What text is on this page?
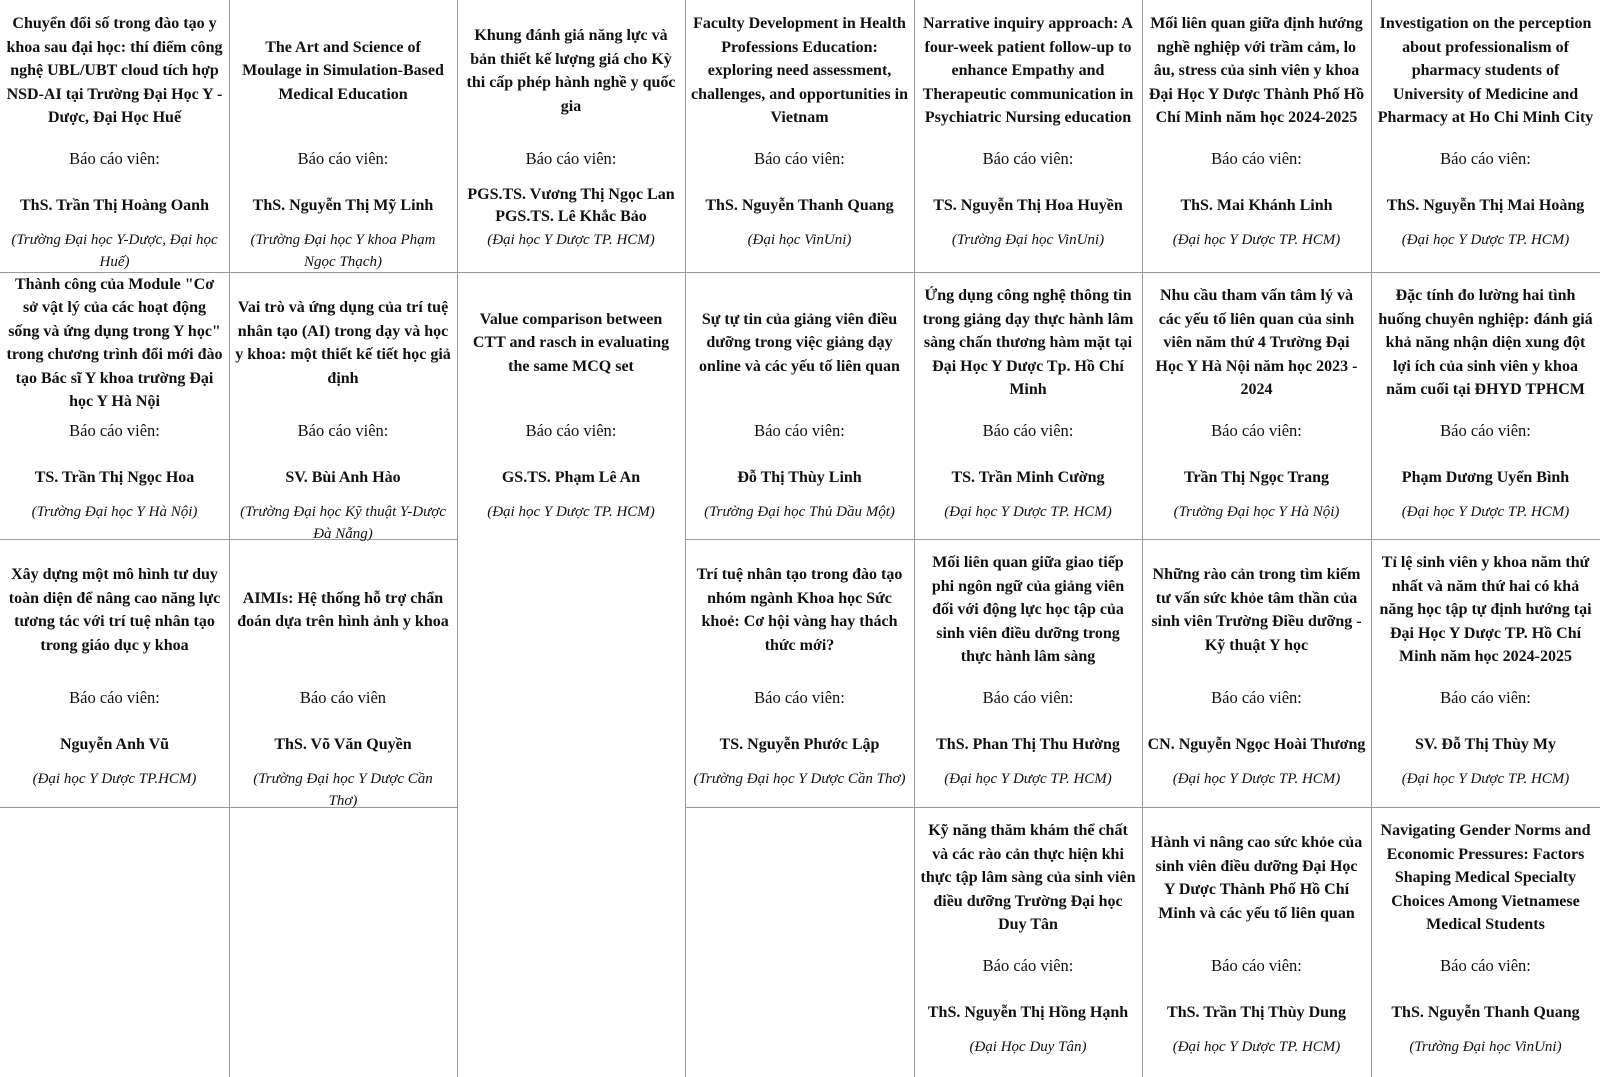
Chuyển đổi số trong đào tạo y khoa sau đại học: thí điểm công nghệ UBL/UBT cloud tích hợp NSD-AI tại Trường Đại Học Y - Dược, Đại Học Huế
Báo cáo viên:
ThS. Trần Thị Hoàng Oanh
(Trường Đại học Y-Dược, Đại học Huế)
The Art and Science of Moulage in Simulation-Based Medical Education
Báo cáo viên:
ThS. Nguyễn Thị Mỹ Linh
(Trường Đại học Y khoa Phạm Ngọc Thạch)
Khung đánh giá năng lực và bản thiết kế lượng giá cho Kỳ thi cấp phép hành nghề y quốc gia
Báo cáo viên:
PGS.TS. Vương Thị Ngọc Lan
PGS.TS. Lê Khắc Bảo
(Đại học Y Dược TP. HCM)
Faculty Development in Health Professions Education: exploring need assessment, challenges, and opportunities in Vietnam
Báo cáo viên:
ThS. Nguyễn Thanh Quang
(Đại học VinUni)
Narrative inquiry approach: A four-week patient follow-up to enhance Empathy and Therapeutic communication in Psychiatric Nursing education
Báo cáo viên:
TS. Nguyễn Thị Hoa Huyền
(Trường Đại học VinUni)
Mối liên quan giữa định hướng nghề nghiệp với trầm cảm, lo âu, stress của sinh viên y khoa Đại Học Y Dược Thành Phố Hồ Chí Minh năm học 2024-2025
Báo cáo viên:
ThS. Mai Khánh Linh
(Đại học Y Dược TP. HCM)
Investigation on the perception about professionalism of pharmacy students of University of Medicine and Pharmacy at Ho Chi Minh City
Báo cáo viên:
ThS. Nguyễn Thị Mai Hoàng
(Đại học Y Dược TP. HCM)
Thành công của Module "Cơ sở vật lý của các hoạt động sống và ứng dụng trong Y học" trong chương trình đổi mới đào tạo Bác sĩ Y khoa trường Đại học Y Hà Nội
Báo cáo viên:
TS. Trần Thị Ngọc Hoa
(Trường Đại học Y Hà Nội)
Vai trò và ứng dụng của trí tuệ nhân tạo (AI) trong dạy và học y khoa: một thiết kế tiết học giả định
Báo cáo viên:
SV. Bùi Anh Hào
(Trường Đại học Kỹ thuật Y-Dược Đà Nẵng)
Value comparison between CTT and rasch in evaluating the same MCQ set
Báo cáo viên:
GS.TS. Phạm Lê An
(Đại học Y Dược TP. HCM)
Sự tự tin của giảng viên điều dưỡng trong việc giảng dạy online và các yếu tố liên quan
Báo cáo viên:
Đỗ Thị Thùy Linh
(Trường Đại học Thủ Dầu Một)
Ứng dụng công nghệ thông tin trong giảng dạy thực hành lâm sàng chấn thương hàm mặt tại Đại Học Y Dược Tp. Hồ Chí Minh
Báo cáo viên:
TS. Trần Minh Cường
(Đại học Y Dược TP. HCM)
Nhu cầu tham vấn tâm lý và các yếu tố liên quan của sinh viên năm thứ 4 Trường Đại Học Y Hà Nội năm học 2023 - 2024
Báo cáo viên:
Trần Thị Ngọc Trang
(Trường Đại học Y Hà Nội)
Đặc tính đo lường hai tình huống chuyên nghiệp: đánh giá khả năng nhận diện xung đột lợi ích của sinh viên y khoa năm cuối tại ĐHYD TPHCM
Báo cáo viên:
Phạm Dương Uyển Bình
(Đại học Y Dược TP. HCM)
Xây dựng một mô hình tư duy toàn diện để nâng cao năng lực tương tác với trí tuệ nhân tạo trong giáo dục y khoa
Báo cáo viên:
Nguyễn Anh Vũ
(Đại học Y Dược TP.HCM)
AIMIs: Hệ thống hỗ trợ chẩn đoán dựa trên hình ảnh y khoa
Báo cáo viên
ThS. Võ Văn Quyền
(Trường Đại học Y Dược Cần Thơ)
Trí tuệ nhân tạo trong đào tạo nhóm ngành Khoa học Sức khoẻ: Cơ hội vàng hay thách thức mới?
Báo cáo viên:
TS. Nguyễn Phước Lập
(Trường Đại học Y Dược Cần Thơ)
Mối liên quan giữa giao tiếp phi ngôn ngữ của giảng viên đối với động lực học tập của sinh viên điều dưỡng trong thực hành lâm sàng
Báo cáo viên:
ThS. Phan Thị Thu Hường
(Đại học Y Dược TP. HCM)
Những rào cản trong tìm kiếm tư vấn sức khỏe tâm thần của sinh viên Trường Điều dưỡng - Kỹ thuật Y học
Báo cáo viên:
CN. Nguyễn Ngọc Hoài Thương
(Đại học Y Dược TP. HCM)
Tỉ lệ sinh viên y khoa năm thứ nhất và năm thứ hai có khả năng học tập tự định hướng tại Đại Học Y Dược TP. Hồ Chí Minh năm học 2024-2025
Báo cáo viên:
SV. Đỗ Thị Thùy My
(Đại học Y Dược TP. HCM)
Kỹ năng thăm khám thể chất và các rào cản thực hiện khi thực tập lâm sàng của sinh viên điều dưỡng Trường Đại học Duy Tân
Báo cáo viên:
ThS. Nguyễn Thị Hồng Hạnh
(Đại Học Duy Tân)
Hành vi nâng cao sức khỏe của sinh viên điều dưỡng Đại Học Y Dược Thành Phố Hồ Chí Minh và các yếu tố liên quan
Báo cáo viên:
ThS. Trần Thị Thùy Dung
(Đại học Y Dược TP. HCM)
Navigating Gender Norms and Economic Pressures: Factors Shaping Medical Specialty Choices Among Vietnamese Medical Students
Báo cáo viên:
ThS. Nguyễn Thanh Quang
(Trường Đại học VinUni)
